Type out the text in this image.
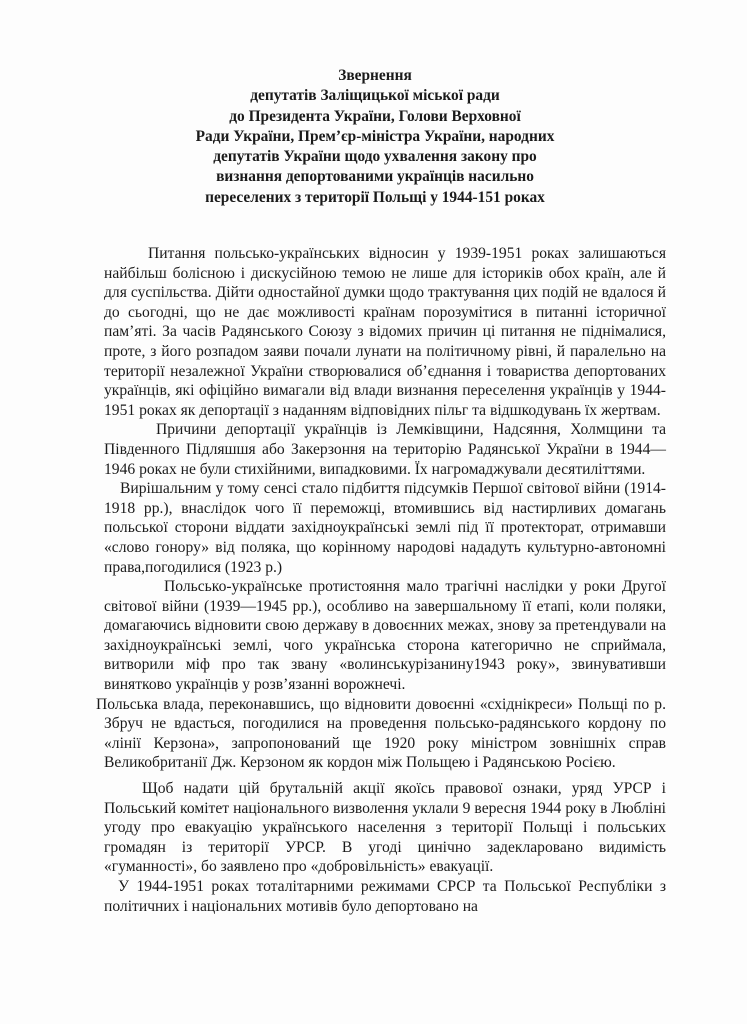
Звернення
депутатів Заліщицької міської ради
до Президента України, Голови Верховної
Ради України, Прем’єр-міністра України, народних
депутатів України щодо ухвалення закону про
визнання депортованими українців насильно
переселених з території Польщі у 1944-151 роках

Питання польсько-українських відносин у 1939-1951 роках залишаються найбільш болісною і дискусійною темою не лише для істориків обох країн, але й для суспільства. Дійти одностайної думки щодо трактування цих подій не вдалося й до сьогодні, що не дає можливості країнам порозумітися в питанні історичної пам’яті. За часів Радянського Союзу з відомих причин ці питання не піднімалися, проте, з його розпадом заяви почали лунати на політичному рівні, й паралельно на території незалежної України створювалися об’єднання і товариства депортованих українців, які офіційно вимагали від влади визнання переселення українців у 1944-1951 роках як депортації з наданням відповідних пільг та відшкодувань їх жертвам.

Причини депортації українців із Лемківщини, Надсяння, Холмщини та Південного Підляшшя або Закерзоння на територію Радянської України в 1944—1946 роках не були стихійними, випадковими. Їх нагромаджували десятиліттями.

Вирішальним у тому сенсі стало підбиття підсумків Першої світової війни (1914-1918 рр.), внаслідок чого її переможці, втомившись від настирливих домагань польської сторони віддати західноукраїнські землі під її протекторат, отримавши «слово гонору» від поляка, що корінному народові нададуть культурно-автономні права,погодилися (1923 р.)

Польсько-українське протистояння мало трагічні наслідки у роки Другої світової війни (1939—1945 рр.), особливо на завершальному її етапі, коли поляки, домагаючись відновити свою державу в довоєнних межах, знову за претендували на західноукраїнські землі, чого українська сторона категорично не сприймала, витворили міф про так звану «волинськурізанину1943 року», звинувативши винятково українців у розв’язанні ворожнечі.

Польська влада, переконавшись, що відновити довоєнні «східнікреси» Польщі по р. Збруч не вдасться, погодилися на проведення польсько-радянського кордону по «лінії Керзона», запропонований ще 1920 року міністром зовнішніх справ Великобританії Дж. Керзоном як кордон між Польщею і Радянською Росією.

Щоб надати цій брутальній акції якоїсь правової ознаки, уряд УРСР і Польський комітет національного визволення уклали 9 вересня 1944 року в Любліні угоду про евакуацію українського населення з території Польщі і польських громадян із території УРСР. В угоді цинічно задекларовано видимість «гуманності», бо заявлено про «добровільність» евакуації.

У 1944-1951 роках тоталітарними режимами СРСР та Польської Республіки з політичних і національних мотивів було депортовано на
